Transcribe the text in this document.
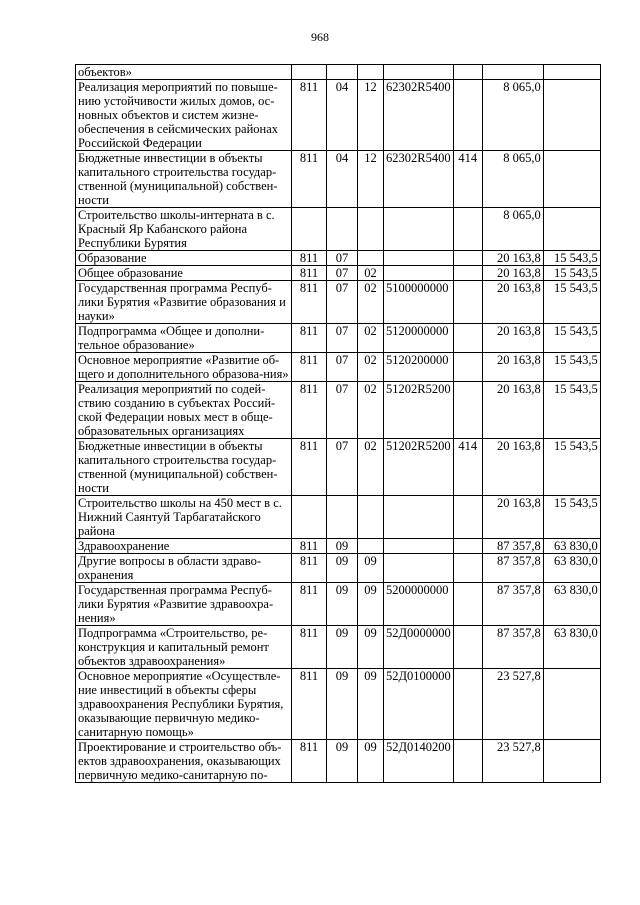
968
объектов»							
Реализация мероприятий по повыше-нию устойчивости жилых домов, ос-новных объектов и систем жизне-обеспечения в сейсмических районах Российской Федерации	811	04	12	62302R5400		8 065,0	
Бюджетные инвестиции в объекты капитального строительства государ-ственной (муниципальной) собствен-ности	811	04	12	62302R5400	414	8 065,0	
Строительство школы-интерната в с. Красный Яр Кабанского района Республики Бурятия						8 065,0	
Образование	811	07				20 163,8	15 543,5
Общее образование	811	07	02			20 163,8	15 543,5
Государственная программа Респуб-лики Бурятия «Развитие образования и науки»	811	07	02	5100000000		20 163,8	15 543,5
Подпрограмма «Общее и дополни-тельное образование»	811	07	02	5120000000		20 163,8	15 543,5
Основное мероприятие «Развитие об-щего и дополнительного образова-ния»	811	07	02	5120200000		20 163,8	15 543,5
Реализация мероприятий по содей-ствию созданию в субъектах Россий-ской Федерации новых мест в обще-образовательных организациях	811	07	02	51202R5200		20 163,8	15 543,5
Бюджетные инвестиции в объекты капитального строительства государ-ственной (муниципальной) собствен-ности	811	07	02	51202R5200	414	20 163,8	15 543,5
Строительство школы на 450 мест в с. Нижний Саянтуй Тарбагатайского района						20 163,8	15 543,5
Здравоохранение	811	09				87 357,8	63 830,0
Другие вопросы в области здраво-охранения	811	09	09			87 357,8	63 830,0
Государственная программа Респуб-лики Бурятия «Развитие здравоохра-нения»	811	09	09	5200000000		87 357,8	63 830,0
Подпрограмма «Строительство, ре-конструкция и капитальный ремонт объектов здравоохранения»	811	09	09	52Д0000000		87 357,8	63 830,0
Основное мероприятие «Осуществле-ние инвестиций в объекты сферы здравоохранения Республики Бурятия, оказывающие первичную медико-санитарную помощь»	811	09	09	52Д0100000		23 527,8	
Проектирование и строительство объ-ектов здравоохранения, оказывающих первичную медико-санитарную по-	811	09	09	52Д0140200		23 527,8	
